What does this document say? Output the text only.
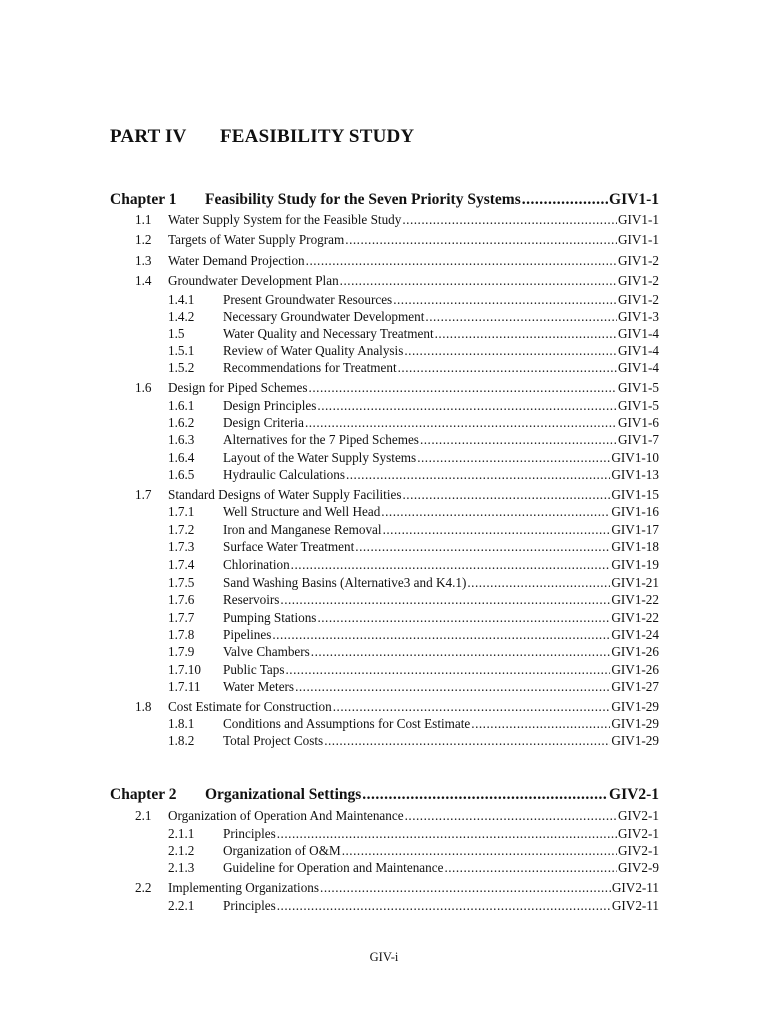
PART IV FEASIBILITY STUDY
Chapter 1	Feasibility Study for the Seven Priority Systems .....	GIV1-1
1.1	Water Supply System for the Feasible Study .....	GIV1-1
1.2	Targets of Water Supply Program .....	GIV1-1
1.3	Water Demand Projection .....	GIV1-2
1.4	Groundwater Development Plan .....	GIV1-2
1.4.1	Present Groundwater Resources .....	GIV1-2
1.4.2	Necessary Groundwater Development .....	GIV1-3
1.5	Water Quality and Necessary Treatment .....	GIV1-4
1.5.1	Review of Water Quality Analysis .....	GIV1-4
1.5.2	Recommendations for Treatment .....	GIV1-4
1.6	Design for Piped Schemes .....	GIV1-5
1.6.1	Design Principles .....	GIV1-5
1.6.2	Design Criteria .....	GIV1-6
1.6.3	Alternatives for the 7 Piped Schemes .....	GIV1-7
1.6.4	Layout of the Water Supply Systems .....	GIV1-10
1.6.5	Hydraulic Calculations .....	GIV1-13
1.7	Standard Designs of Water Supply Facilities .....	GIV1-15
1.7.1	Well Structure and Well Head .....	GIV1-16
1.7.2	Iron and Manganese Removal .....	GIV1-17
1.7.3	Surface Water Treatment .....	GIV1-18
1.7.4	Chlorination .....	GIV1-19
1.7.5	Sand Washing Basins (Alternative3 and K4.1) .....	GIV1-21
1.7.6	Reservoirs .....	GIV1-22
1.7.7	Pumping Stations .....	GIV1-22
1.7.8	Pipelines .....	GIV1-24
1.7.9	Valve Chambers .....	GIV1-26
1.7.10	Public Taps .....	GIV1-26
1.7.11	Water Meters .....	GIV1-27
1.8	Cost Estimate for Construction .....	GIV1-29
1.8.1	Conditions and Assumptions for Cost Estimate .....	GIV1-29
1.8.2	Total Project Costs .....	GIV1-29
Chapter 2	Organizational Settings .....	GIV2-1
2.1	Organization of Operation And Maintenance .....	GIV2-1
2.1.1	Principles .....	GIV2-1
2.1.2	Organization of O&M .....	GIV2-1
2.1.3	Guideline for Operation and Maintenance .....	GIV2-9
2.2	Implementing Organizations .....	GIV2-11
2.2.1	Principles .....	GIV2-11
GIV-i
